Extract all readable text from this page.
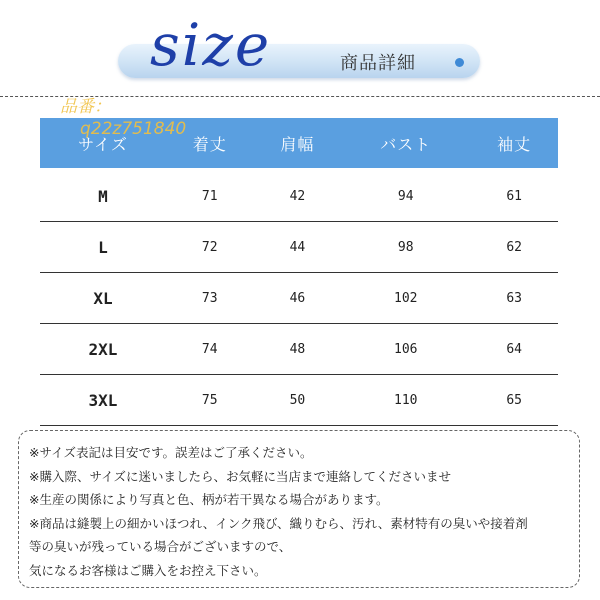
size	商品詳細
サイズ	着丈	肩幅	バスト	袖丈

M	71	42	94	61
L	72	44	98	62
XL	73	46	102	63
2XL	74	48	106	64
3XL	75	50	110	65
品番：
q22z751840
※サイズ表記は目安です。誤差はご了承ください。
※購入際、サイズに迷いましたら、お気軽に当店まで連絡してくださいませ
※生産の関係により写真と色、柄が若干異なる場合があります。
※商品は縫製上の細かいほつれ、インク飛び、織りむら、汚れ、素材特有の臭いや接着剤
等の臭いが残っている場合がございますので、
気になるお客様はご購入をお控え下さい。
